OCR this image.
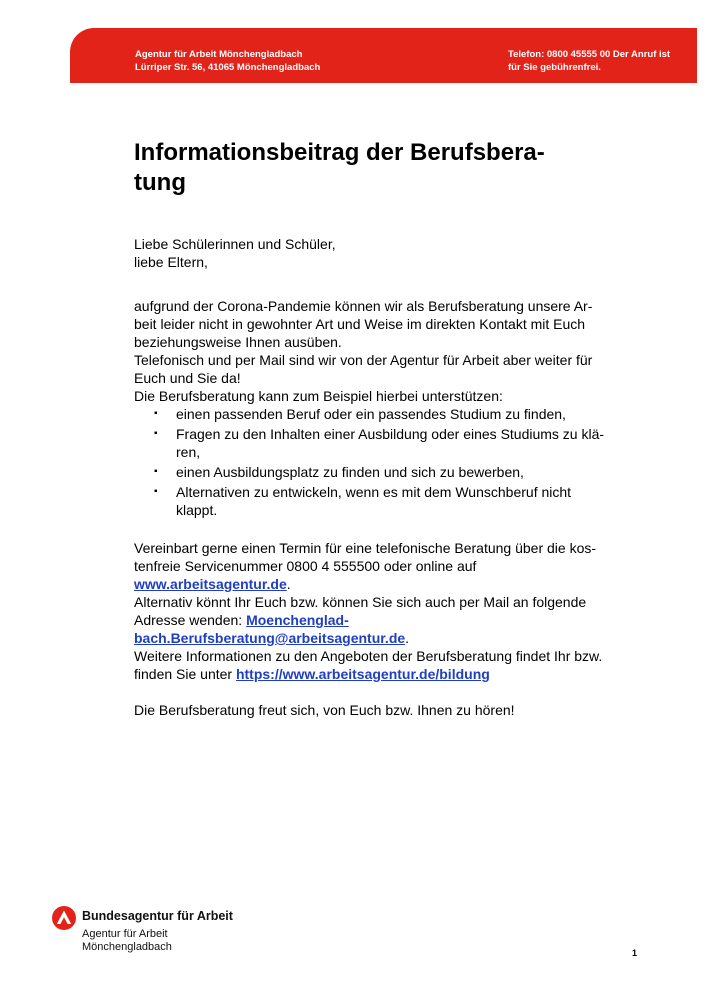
Agentur für Arbeit Mönchengladbach
Lürriper Str. 56, 41065 Mönchengladbach
Telefon: 0800 45555 00 Der Anruf ist
für Sie gebührenfrei.
Informationsbeitrag der Berufsbera-
tung

Liebe Schülerinnen und Schüler,

liebe Eltern,

aufgrund der Corona-Pandemie können wir als Berufsberatung unsere Ar-
beit leider nicht in gewohnter Art und Weise im direkten Kontakt mit Euch
beziehungsweise Ihnen ausüben.

Telefonisch und per Mail sind wir von der Agentur für Arbeit aber weiter für
Euch und Sie da!

Die Berufsberatung kann zum Beispiel hierbei unterstützen:

▪ einen passenden Beruf oder ein passendes Studium zu finden,
▪ Fragen zu den Inhalten einer Ausbildung oder eines Studiums zu klä-
ren,
▪ einen Ausbildungsplatz zu finden und sich zu bewerben,
▪ Alternativen zu entwickeln, wenn es mit dem Wunschberuf nicht
klappt.

Vereinbart gerne einen Termin für eine telefonische Beratung über die kos-
tenfreie Servicenummer 0800 4 555500 oder online auf
www.arbeitsagentur.de.

Alternativ könnt Ihr Euch bzw. können Sie sich auch per Mail an folgende
Adresse wenden: Moenchenglad-
bach.Berufsberatung@arbeitsagentur.de.

Weitere Informationen zu den Angeboten der Berufsberatung findet Ihr bzw.
finden Sie unter https://www.arbeitsagentur.de/bildung

Die Berufsberatung freut sich, von Euch bzw. Ihnen zu hören!

Bundesagentur für Arbeit
Agentur für Arbeit
Mönchengladbach	1
